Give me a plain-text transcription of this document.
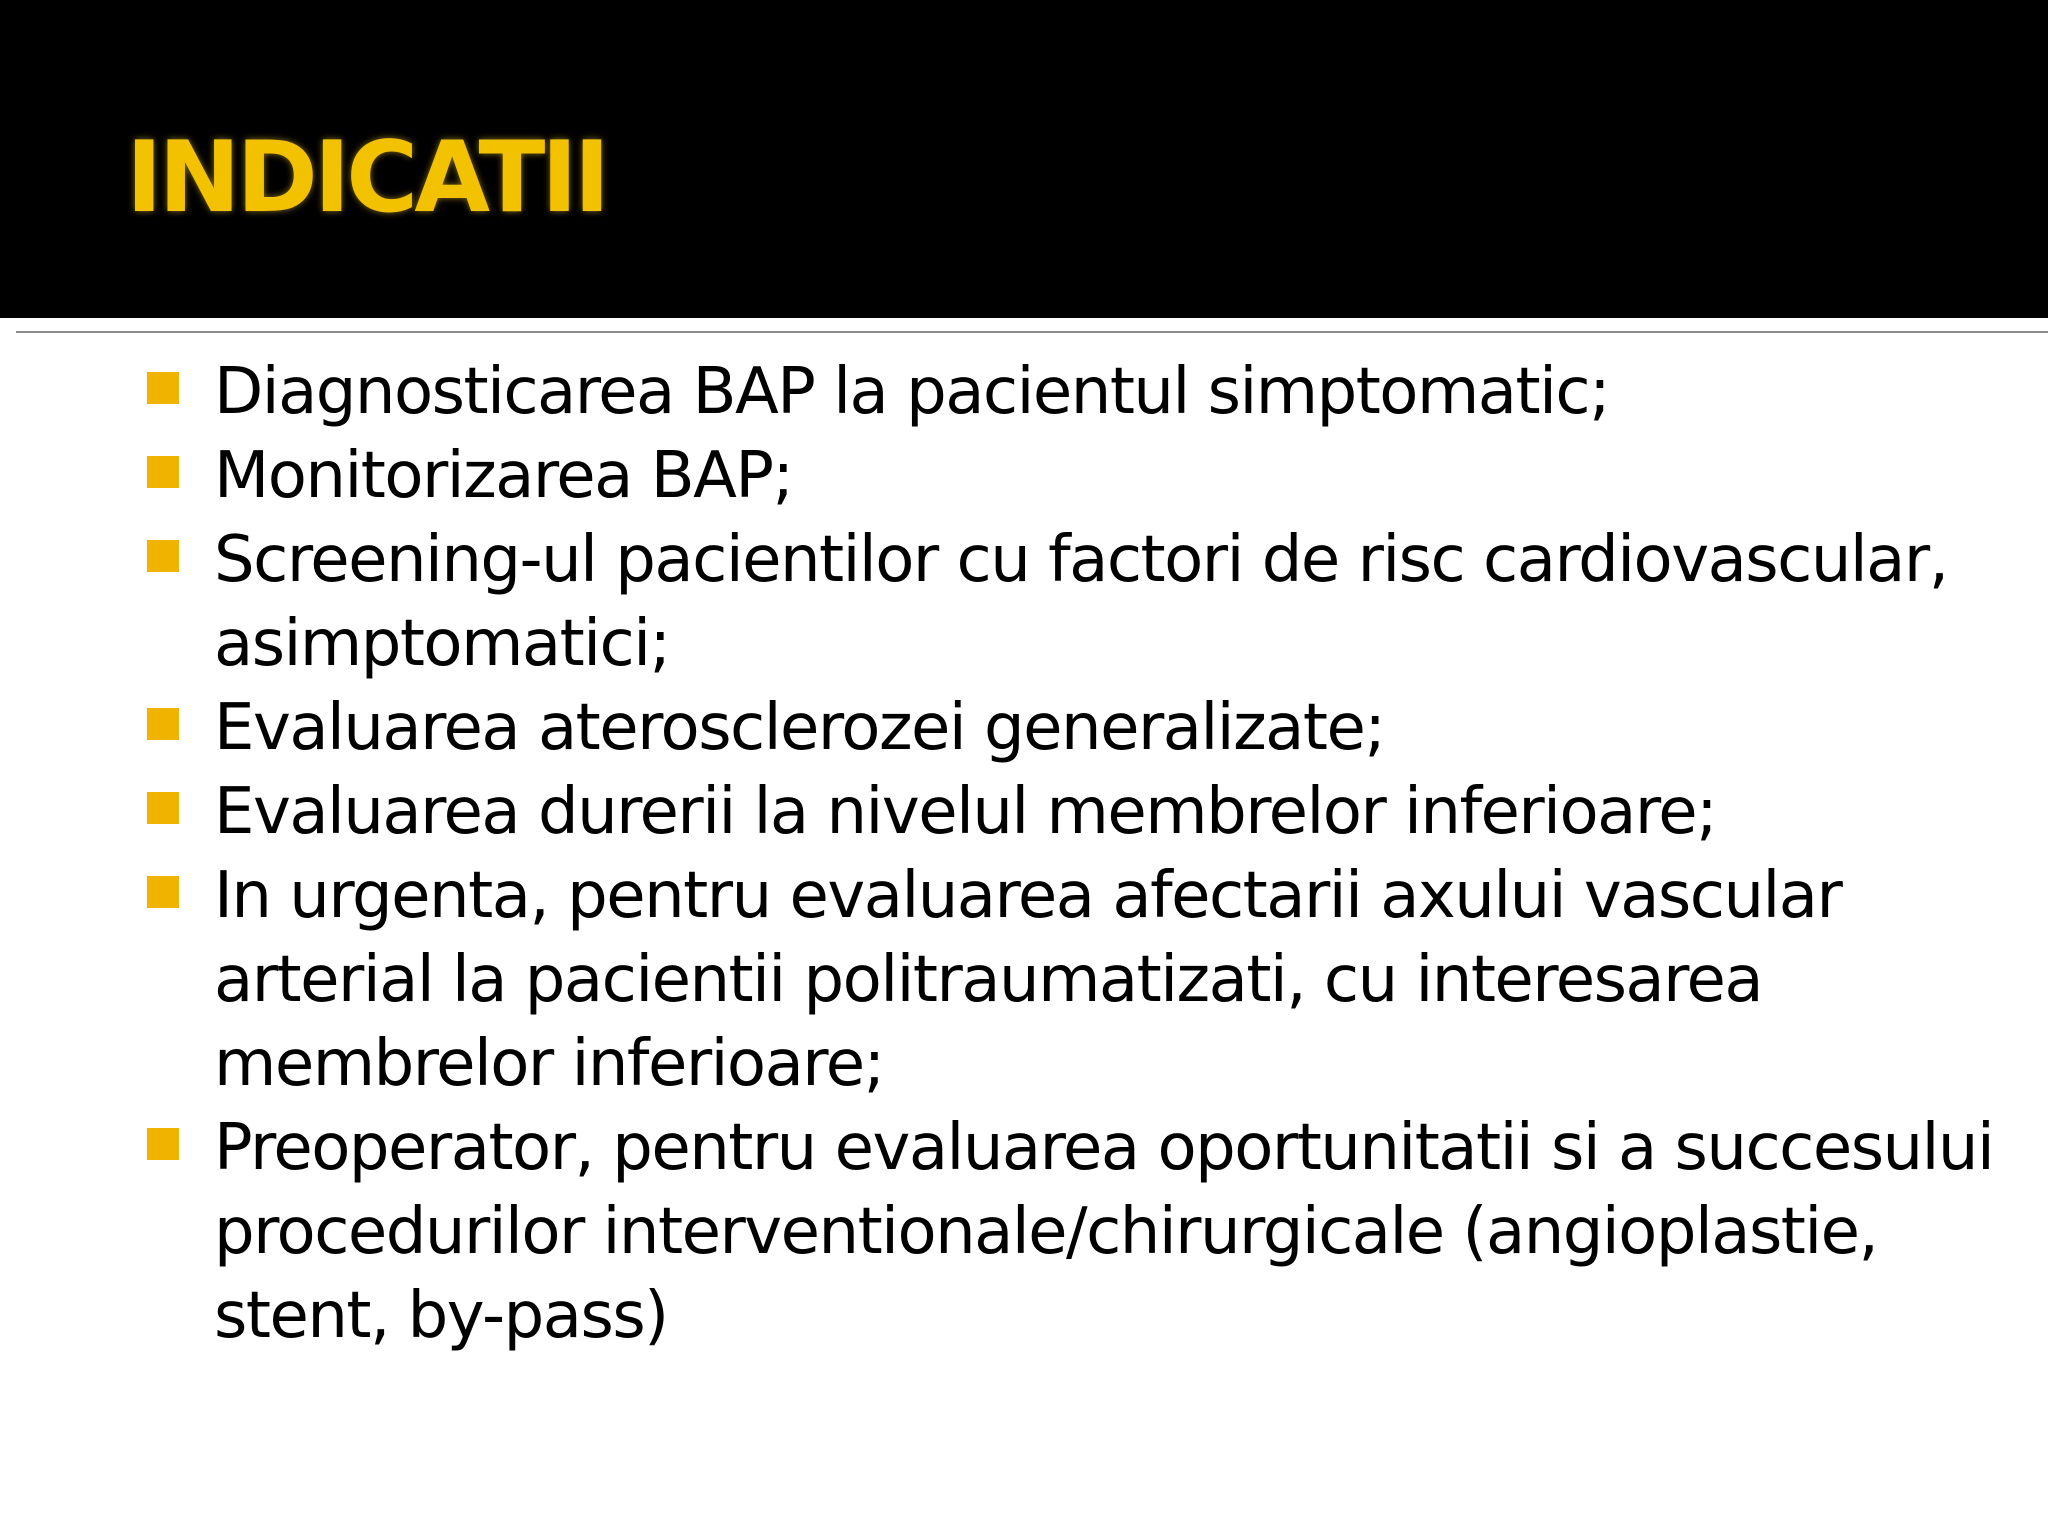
INDICATII
Diagnosticarea BAP la pacientul simptomatic;
Monitorizarea BAP;
Screening-ul pacientilor cu factori de risc cardiovascular, asimptomatici;
Evaluarea aterosclerozei generalizate;
Evaluarea durerii la nivelul membrelor inferioare;
In urgenta, pentru evaluarea afectarii axului vascular arterial la pacientii politraumatizati, cu interesarea membrelor inferioare;
Preoperator, pentru evaluarea oportunitatii si a succesului procedurilor interventionale/chirurgicale (angioplastie, stent, by-pass)
